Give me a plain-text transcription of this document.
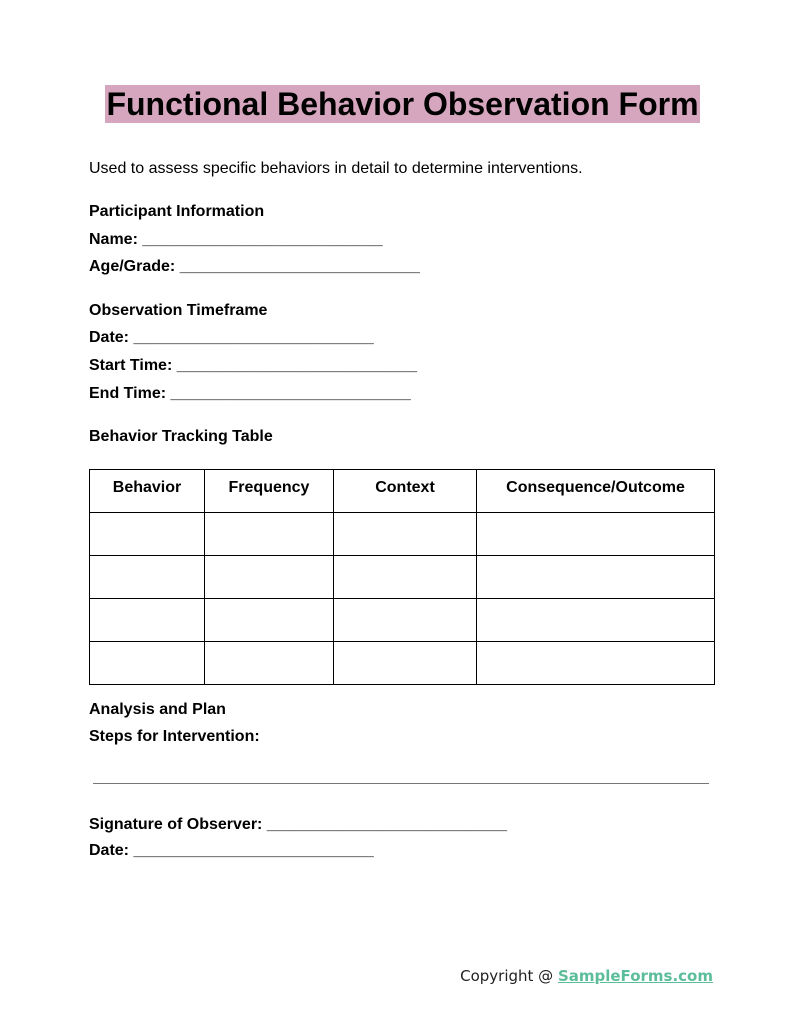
Functional Behavior Observation Form
Used to assess specific behaviors in detail to determine interventions.
Participant Information
Name: ___________________________
Age/Grade: ___________________________
Observation Timeframe
Date: ___________________________
Start Time: ___________________________
End Time: ___________________________
Behavior Tracking Table
Behavior	Frequency	Context	Consequence/Outcome

Analysis and Plan
Steps for Intervention:
Signature of Observer: ___________________________
Date: ___________________________
Copyright @ SampleForms.com
